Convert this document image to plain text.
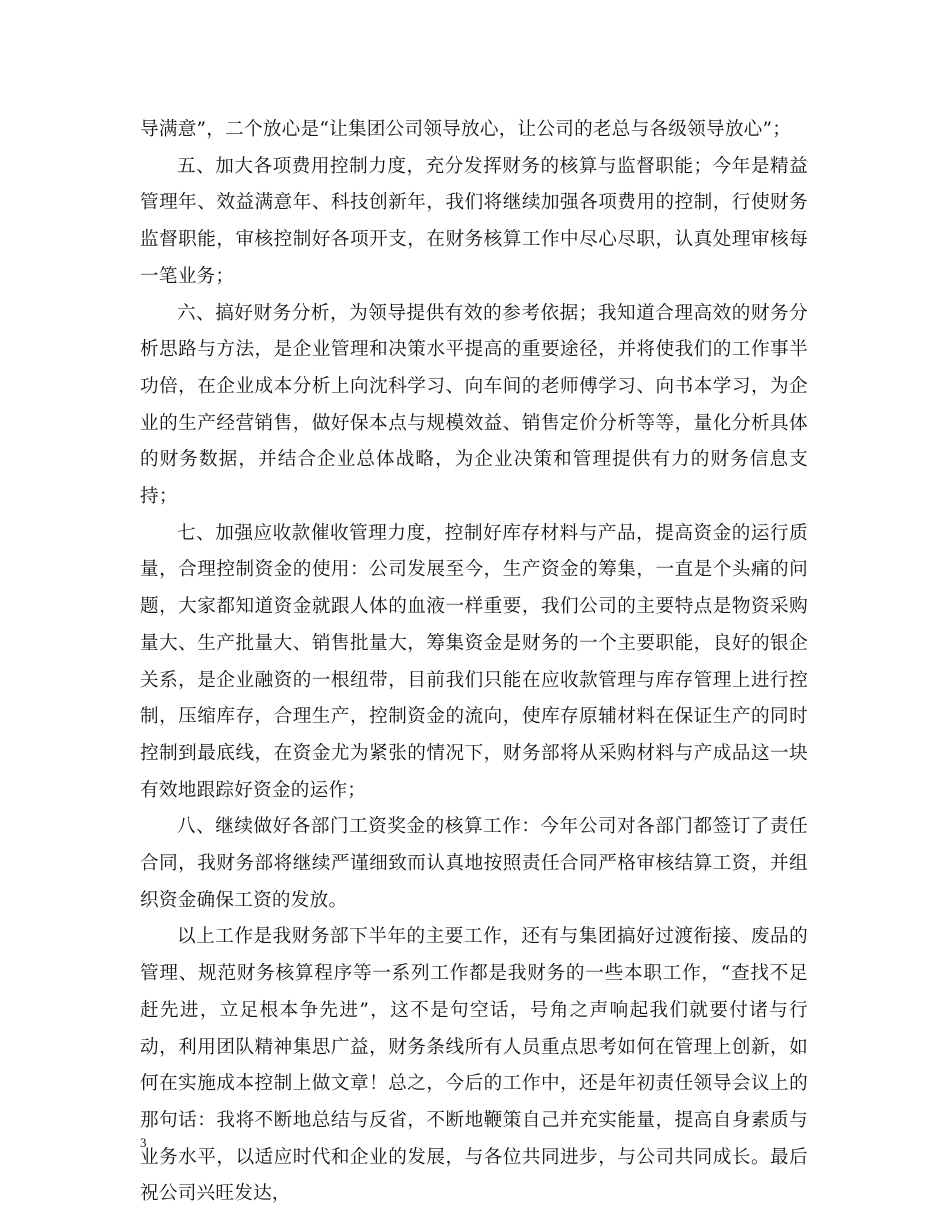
导满意”，二个放心是“让集团公司领导放心，让公司的老总与各级领导放心”；

五、加大各项费用控制力度，充分发挥财务的核算与监督职能；今年是精益管理年、效益满意年、科技创新年，我们将继续加强各项费用的控制，行使财务监督职能，审核控制好各项开支，在财务核算工作中尽心尽职，认真处理审核每一笔业务；

六、搞好财务分析，为领导提供有效的参考依据；我知道合理高效的财务分析思路与方法，是企业管理和决策水平提高的重要途径，并将使我们的工作事半功倍，在企业成本分析上向沈科学习、向车间的老师傅学习、向书本学习，为企业的生产经营销售，做好保本点与规模效益、销售定价分析等等，量化分析具体的财务数据，并结合企业总体战略，为企业决策和管理提供有力的财务信息支持；

七、加强应收款催收管理力度，控制好库存材料与产品，提高资金的运行质量，合理控制资金的使用：公司发展至今，生产资金的筹集，一直是个头痛的问题，大家都知道资金就跟人体的血液一样重要，我们公司的主要特点是物资采购量大、生产批量大、销售批量大，筹集资金是财务的一个主要职能，良好的银企关系，是企业融资的一根纽带，目前我们只能在应收款管理与库存管理上进行控制，压缩库存，合理生产，控制资金的流向，使库存原辅材料在保证生产的同时控制到最底线，在资金尤为紧张的情况下，财务部将从采购材料与产成品这一块有效地跟踪好资金的运作；

八、继续做好各部门工资奖金的核算工作：今年公司对各部门都签订了责任合同，我财务部将继续严谨细致而认真地按照责任合同严格审核结算工资，并组织资金确保工资的发放。

以上工作是我财务部下半年的主要工作，还有与集团搞好过渡衔接、废品的管理、规范财务核算程序等一系列工作都是我财务的一些本职工作，“查找不足赶先进，立足根本争先进”，这不是句空话，号角之声响起我们就要付诸与行动，利用团队精神集思广益，财务条线所有人员重点思考如何在管理上创新，如何在实施成本控制上做文章！总之，今后的工作中，还是年初责任领导会议上的那句话：我将不断地总结与反省，不断地鞭策自己并充实能量，提高自身素质与业务水平，以适应时代和企业的发展，与各位共同进步，与公司共同成长。最后祝公司兴旺发达，

3
